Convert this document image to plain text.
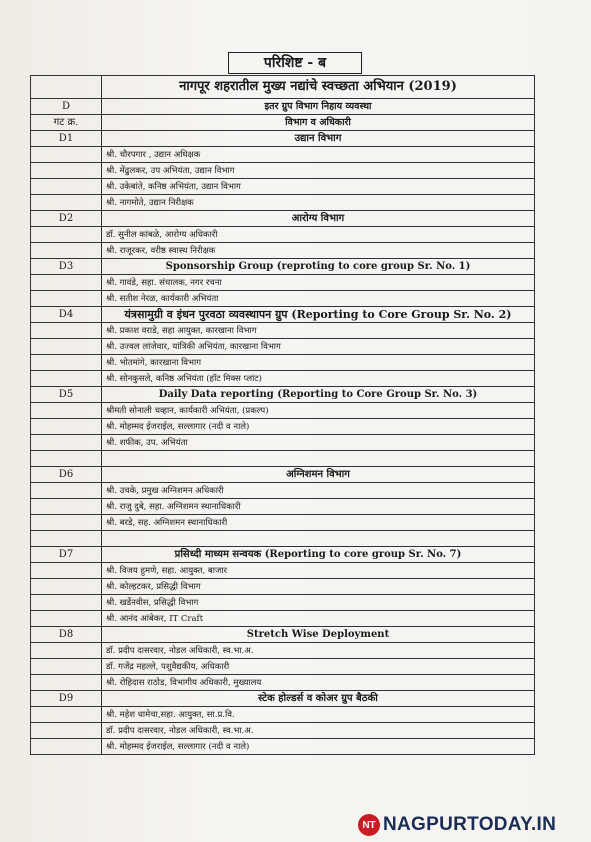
परिशिष्ट - ब
	नागपूर शहरातील मुख्य नद्यांचे स्वच्छता अभियान (2019)
D	इतर ग्रुप विभाग निहाय व्यवस्था
गट क्र.	विभाग व अधिकारी
D1	उद्यान विभाग
	श्री. चौरपगार , उद्यान अधिक्षक
	श्री. मेंढुलकर, उप अभियंता, उद्यान विभाग
	श्री. उकेबांते, कनिष्ठ अभियंता, उद्यान विभाग
	श्री. नागमोते, उद्यान निरीक्षक
D2	आरोग्य विभाग
	डॉ. सुनील कांबळे, आरोग्य अधिकारी
	श्री. राजूरकर, वरीष्ठ स्वास्थ निरीक्षक
D3	Sponsorship Group (reproting to core group Sr. No. 1)
	श्री. गावंडे, सहा. संचालक, नगर रचना
	श्री. सतीश नेरळ, कार्यकारी अभियंता
D4	यंत्रसामुग्री व इंधन पुरवठा व्यवस्थापन ग्रुप (Reporting to Core Group Sr. No. 2)
	श्री. प्रकाश वराडे, सहा आयुक्त, कारखाना विभाग
	श्री. उज्वल लांजेवार, यांत्रिकी अभियंता, कारखाना विभाग
	श्री. भोतमांगे, कारखाना विभाग
	श्री. सोनकुसले, कनिष्ठ अभियंता (हॉट मिक्स प्लांट)
D5	Daily Data reporting (Reporting to Core Group Sr. No. 3)
	श्रीमती सोनाली चव्हान, कार्यकारी अभियंता, (प्रकल्प)
	श्री. मोहम्मद ईजराईल, सल्लागार (नदी व नाले)
	श्री. शफीक, उप. अभियंता

D6	अग्निशमन विभाग
	श्री. उचके, प्रमुख अग्निशमन अधिकारी
	श्री. राजु दुबे, सहा. अग्निशमन स्थानाधिकारी
	श्री. बरडे, सह. अग्निशमन स्थानाधिकारी

D7	प्रसिध्दी माध्यम सन्वयक (Reporting to core group Sr. No. 7)
	श्री. विजय हुमणे, सहा. आयुक्त, बाजार
	श्री. कोल्हटकर, प्रसिद्धी विभाग
	श्री. खर्डेनवीस, प्रसिद्धी विभाग
	श्री. आनंद आंबेकर, IT Craft
D8	Stretch Wise Deployment
	डॉ. प्रदीप दासरवार, नोडल अधिकारी, स्व.भा.अ.
	डॉ. गजेंद्र महल्ले, पशुवैद्यकीय, अधिकारी
	श्री. रोहिदास राठोड, विभागीय अधिकारी, मुख्यालय
D9	स्टेक होल्डर्स व कोअर ग्रुप बैठकी
	श्री. महेश धामेचा,सहा. आयुक्त, सा.प्र.वि.
	डॉ. प्रदीप दासरवार, नोडल अधिकारी, स्व.भा.अ.
	श्री. मोहम्मद ईजराईल, सल्लागार (नदी व नाले)
NT NAGPURTODAY.IN
